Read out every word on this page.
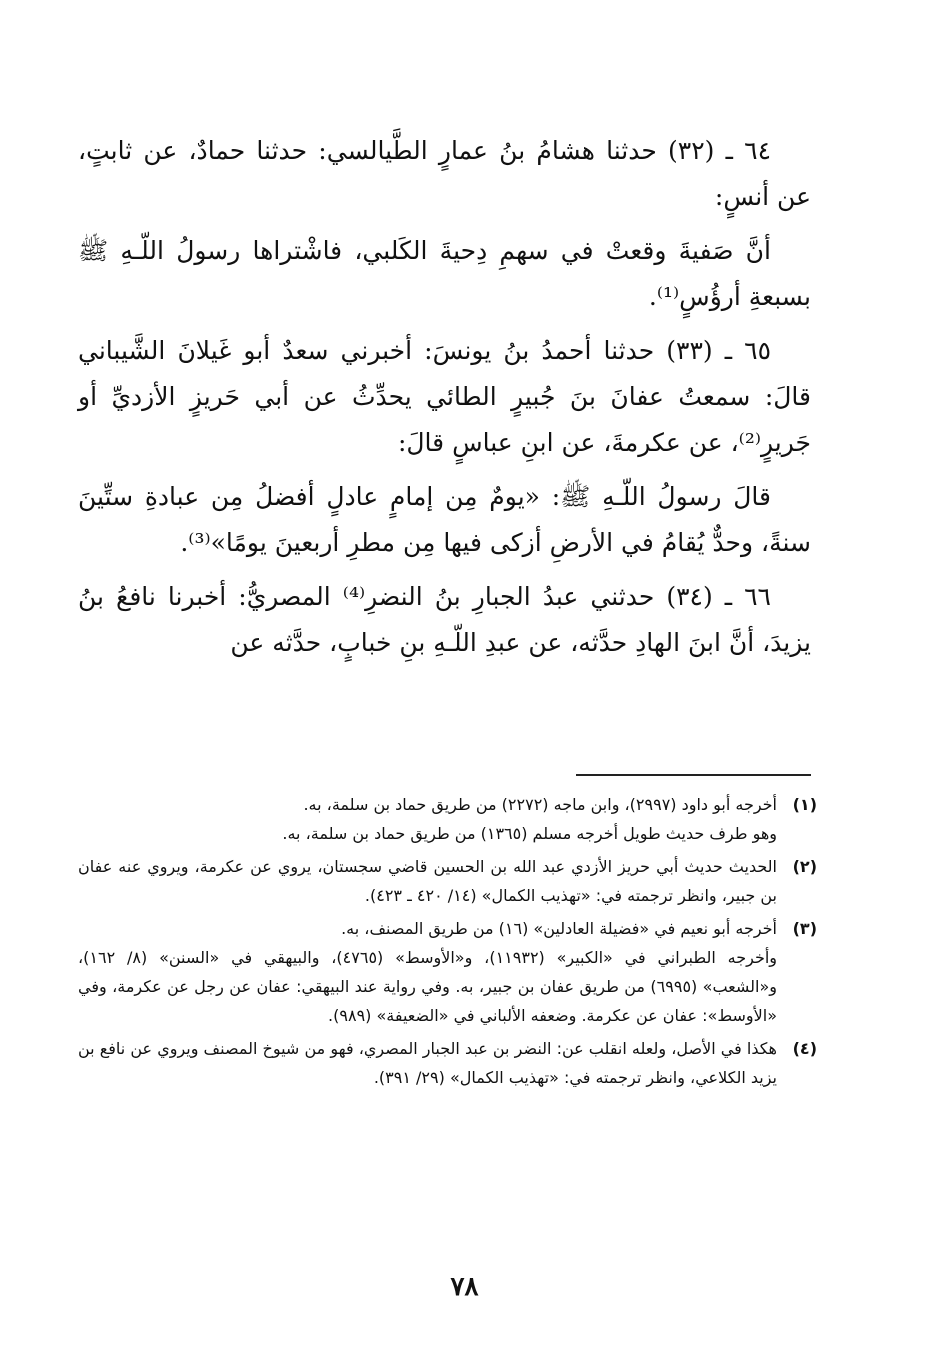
٦٤ ـ (٣٢) حدثنا هشامُ بنُ عمارٍ الطَّيالسي: حدثنا حمادٌ، عن ثابتٍ، عن أنسٍ:

أنَّ صَفيةَ وقعتْ في سهمِ دِحيةَ الكَلبي، فاشْتراها رسولُ اللّـهِ ﷺ بسبعةِ أرؤُسٍ⁽¹⁾.

٦٥ ـ (٣٣) حدثنا أحمدُ بنُ يونسَ: أخبرني سعدٌ أبو غَيلانَ الشَّيباني قالَ: سمعتُ عفانَ بنَ جُبيرٍ الطائي يحدِّثُ عن أبي حَريزٍ الأزديِّ أو جَريرٍ⁽²⁾، عن عكرمةَ، عن ابنِ عباسٍ قالَ:

قالَ رسولُ اللّـهِ ﷺ: «يومٌ مِن إمامٍ عادلٍ أفضلُ مِن عبادةِ ستِّينَ سنةً، وحدٌّ يُقامُ في الأرضِ أزكى فيها مِن مطرِ أربعينَ يومًا»⁽³⁾.

٦٦ ـ (٣٤) حدثني عبدُ الجبارِ بنُ النضرِ⁽⁴⁾ المصريُّ: أخبرنا نافعُ بنُ يزيدَ، أنَّ ابنَ الهادِ حدَّثه، عن عبدِ اللّـهِ بنِ خبابٍ، حدَّثه عن

(١)
أخرجه أبو داود (٢٩٩٧)، وابن ماجه (٢٢٧٢) من طريق حماد بن سلمة، به.
وهو طرف حديث طويل أخرجه مسلم (١٣٦٥) من طريق حماد بن سلمة، به.
(٢)
الحديث حديث أبي حريز الأزدي عبد الله بن الحسين قاضي سجستان، يروي عن عكرمة، ويروي عنه عفان بن جبير، وانظر ترجمته في: «تهذيب الكمال» (١٤/ ٤٢٠ ـ ٤٢٣).
(٣)
أخرجه أبو نعيم في «فضيلة العادلين» (١٦) من طريق المصنف، به.
وأخرجه الطبراني في «الكبير» (١١٩٣٢)، و«الأوسط» (٤٧٦٥)، والبيهقي في «السنن» (٨/ ١٦٢)، و«الشعب» (٦٩٩٥) من طريق عفان بن جبير، به. وفي رواية عند البيهقي: عفان عن رجل عن عكرمة، وفي «الأوسط»: عفان عن عكرمة. وضعفه الألباني في «الضعيفة» (٩٨٩).
(٤)
هكذا في الأصل، ولعله انقلب عن: النضر بن عبد الجبار المصري، فهو من شيوخ المصنف ويروي عن نافع بن يزيد الكلاعي، وانظر ترجمته في: «تهذيب الكمال» (٢٩/ ٣٩١).
٧٨
